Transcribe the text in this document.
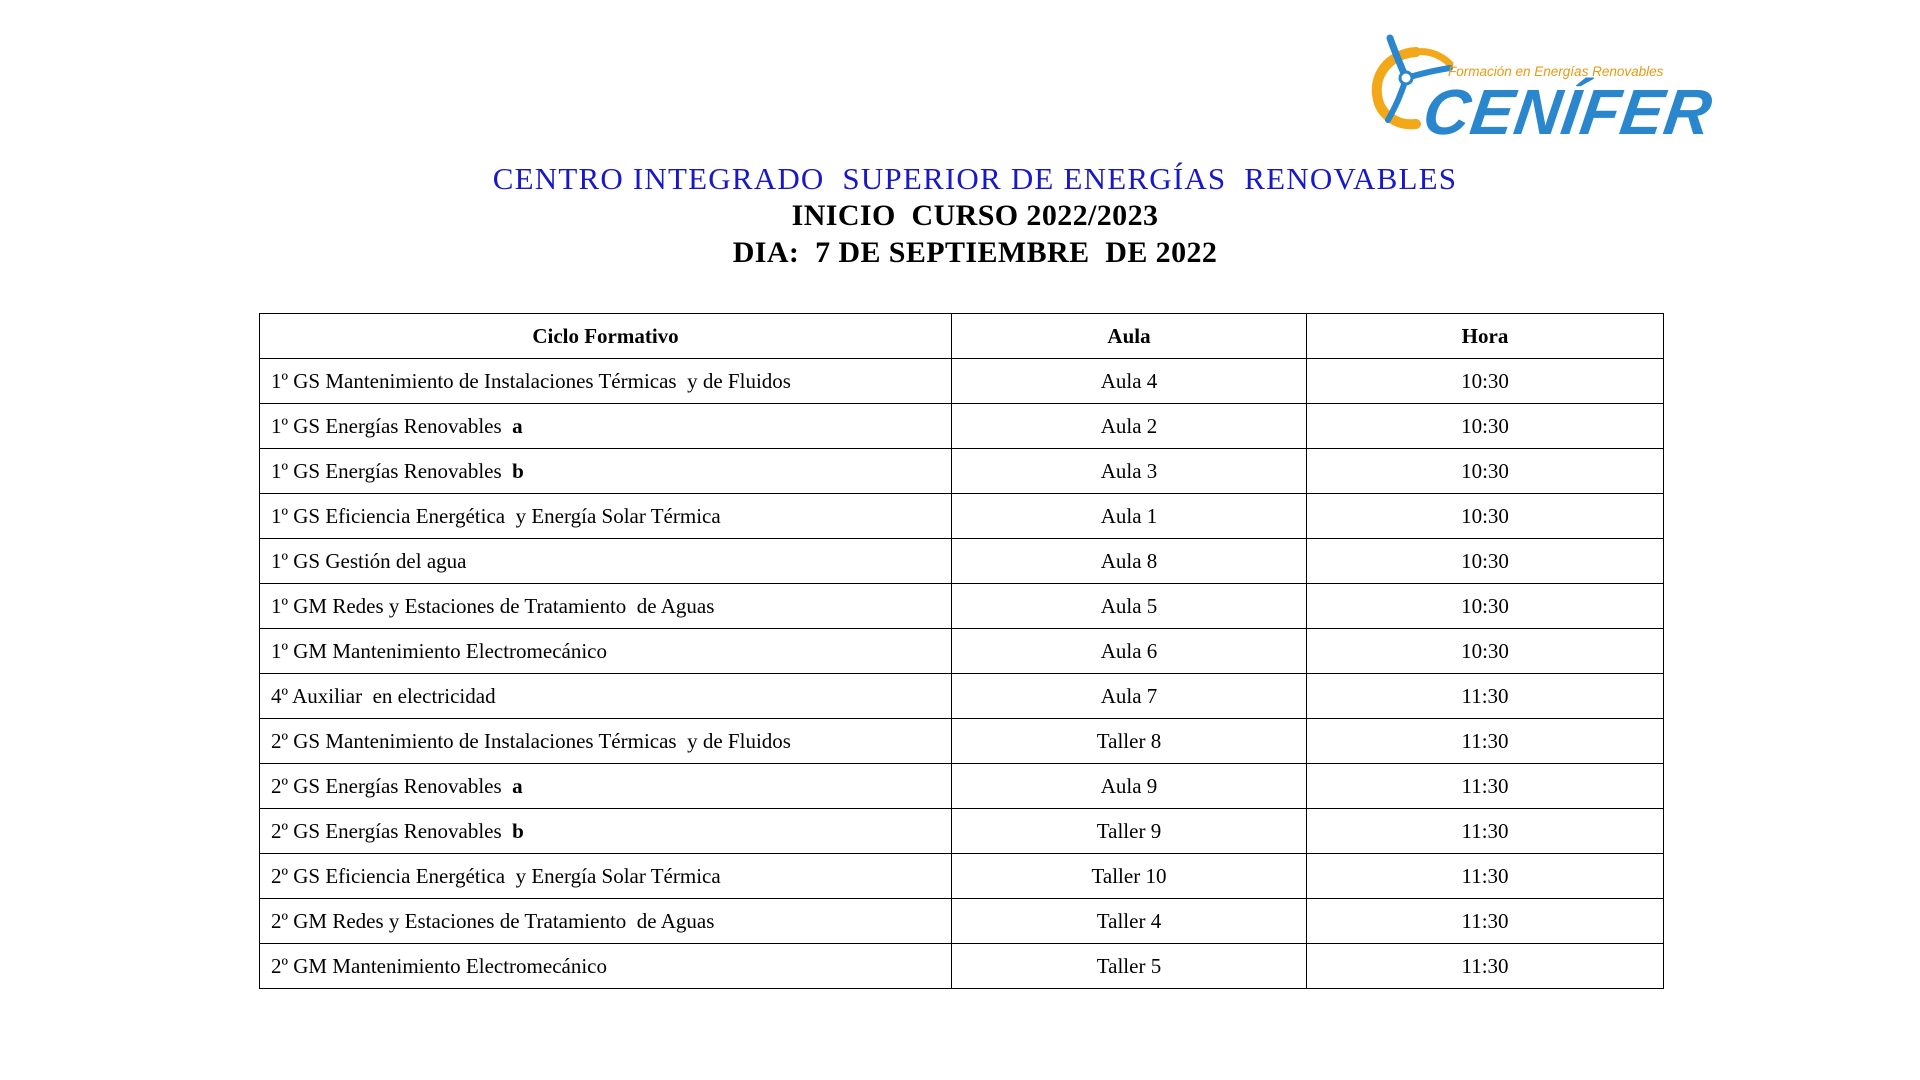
Formación en Energías Renovables
CENÍFER
CENTRO INTEGRADO  SUPERIOR DE ENERGÍAS  RENOVABLES
INICIO  CURSO 2022/2023
DIA:  7 DE SEPTIEMBRE  DE 2022
Ciclo Formativo	Aula	Hora
1º GS Mantenimiento de Instalaciones Térmicas  y de Fluidos	Aula 4	10:30
1º GS Energías Renovables  a	Aula 2	10:30
1º GS Energías Renovables  b	Aula 3	10:30
1º GS Eficiencia Energética  y Energía Solar Térmica	Aula 1	10:30
1º GS Gestión del agua	Aula 8	10:30
1º GM Redes y Estaciones de Tratamiento  de Aguas	Aula 5	10:30
1º GM Mantenimiento Electromecánico	Aula 6	10:30
4º Auxiliar  en electricidad	Aula 7	11:30
2º GS Mantenimiento de Instalaciones Térmicas  y de Fluidos	Taller 8	11:30
2º GS Energías Renovables  a	Aula 9	11:30
2º GS Energías Renovables  b	Taller 9	11:30
2º GS Eficiencia Energética  y Energía Solar Térmica	Taller 10	11:30
2º GM Redes y Estaciones de Tratamiento  de Aguas	Taller 4	11:30
2º GM Mantenimiento Electromecánico	Taller 5	11:30
